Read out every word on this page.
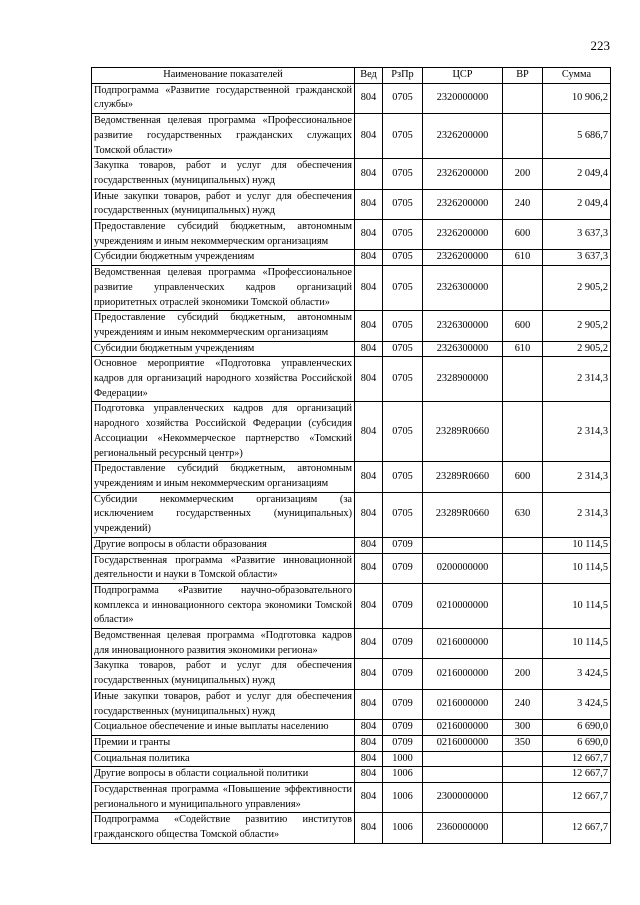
223
Наименование показателей	Вед	РзПр	ЦСР	ВР	Сумма
Подпрограмма «Развитие государственной гражданской службы»	804	0705	2320000000		10 906,2
Ведомственная целевая программа «Профессиональное развитие государственных гражданских служащих Томской области»	804	0705	2326200000		5 686,7
Закупка товаров, работ и услуг для обеспечения государственных (муниципальных) нужд	804	0705	2326200000	200	2 049,4
Иные закупки товаров, работ и услуг для обеспечения государственных (муниципальных) нужд	804	0705	2326200000	240	2 049,4
Предоставление субсидий бюджетным, автономным учреждениям и иным некоммерческим организациям	804	0705	2326200000	600	3 637,3
Субсидии бюджетным учреждениям	804	0705	2326200000	610	3 637,3
Ведомственная целевая программа «Профессиональное развитие управленческих кадров организаций приоритетных отраслей экономики Томской области»	804	0705	2326300000		2 905,2
Предоставление субсидий бюджетным, автономным учреждениям и иным некоммерческим организациям	804	0705	2326300000	600	2 905,2
Субсидии бюджетным учреждениям	804	0705	2326300000	610	2 905,2
Основное мероприятие «Подготовка управленческих кадров для организаций народного хозяйства Российской Федерации»	804	0705	2328900000		2 314,3
Подготовка управленческих кадров для организаций народного хозяйства Российской Федерации (субсидия Ассоциации «Некоммерческое партнерство «Томский региональный ресурсный центр»)	804	0705	23289R0660		2 314,3
Предоставление субсидий бюджетным, автономным учреждениям и иным некоммерческим организациям	804	0705	23289R0660	600	2 314,3
Субсидии некоммерческим организациям (за исключением государственных (муниципальных) учреждений)	804	0705	23289R0660	630	2 314,3
Другие вопросы в области образования	804	0709			10 114,5
Государственная программа «Развитие инновационной деятельности и науки в Томской области»	804	0709	0200000000		10 114,5
Подпрограмма «Развитие научно-образовательного комплекса и инновационного сектора экономики Томской области»	804	0709	0210000000		10 114,5
Ведомственная целевая программа «Подготовка кадров для инновационного развития экономики региона»	804	0709	0216000000		10 114,5
Закупка товаров, работ и услуг для обеспечения государственных (муниципальных) нужд	804	0709	0216000000	200	3 424,5
Иные закупки товаров, работ и услуг для обеспечения государственных (муниципальных) нужд	804	0709	0216000000	240	3 424,5
Социальное обеспечение и иные выплаты населению	804	0709	0216000000	300	6 690,0
Премии и гранты	804	0709	0216000000	350	6 690,0
Социальная политика	804	1000			12 667,7
Другие вопросы в области социальной политики	804	1006			12 667,7
Государственная программа «Повышение эффективности регионального и муниципального управления»	804	1006	2300000000		12 667,7
Подпрограмма «Содействие развитию институтов гражданского общества Томской области»	804	1006	2360000000		12 667,7
